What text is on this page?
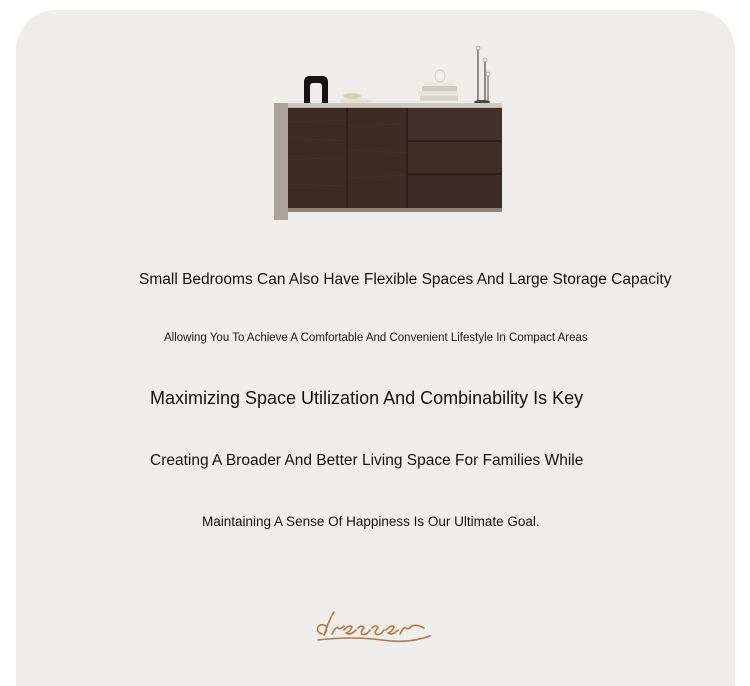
Small Bedrooms Can Also Have Flexible Spaces And Large Storage Capacity

Allowing You To Achieve A Comfortable And Convenient Lifestyle In Compact Areas

Maximizing Space Utilization And Combinability Is Key

Creating A Broader And Better Living Space For Families While

Maintaining A Sense Of Happiness Is Our Ultimate Goal.
